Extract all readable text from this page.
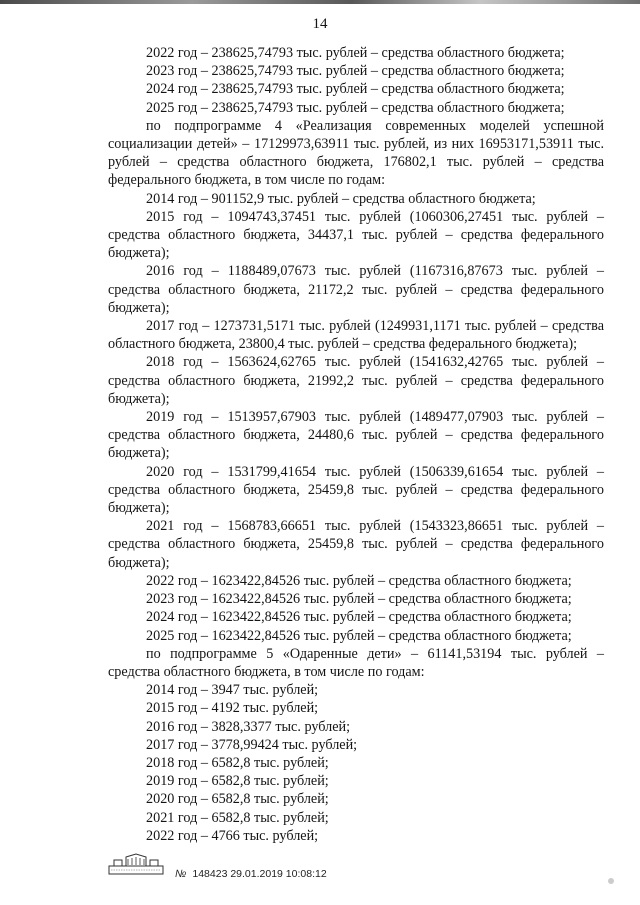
14

2022 год – 238625,74793 тыс. рублей – средства областного бюджета;

2023 год – 238625,74793 тыс. рублей – средства областного бюджета;

2024 год – 238625,74793 тыс. рублей – средства областного бюджета;

2025 год – 238625,74793 тыс. рублей – средства областного бюджета;

по подпрограмме 4 «Реализация современных моделей успешной социализации детей» – 17129973,63911 тыс. рублей, из них 16953171,53911 тыс. рублей – средства областного бюджета, 176802,1 тыс. рублей – средства федерального бюджета, в том числе по годам:

2014 год – 901152,9 тыс. рублей – средства областного бюджета;

2015 год – 1094743,37451 тыс. рублей (1060306,27451 тыс. рублей – средства областного бюджета, 34437,1 тыс. рублей – средства федерального бюджета);

2016 год – 1188489,07673 тыс. рублей (1167316,87673 тыс. рублей – средства областного бюджета, 21172,2 тыс. рублей – средства федерального бюджета);

2017 год – 1273731,5171 тыс. рублей (1249931,1171 тыс. рублей – средства областного бюджета, 23800,4 тыс. рублей – средства федерального бюджета);

2018 год – 1563624,62765 тыс. рублей (1541632,42765 тыс. рублей – средства областного бюджета, 21992,2 тыс. рублей – средства федерального бюджета);

2019 год – 1513957,67903 тыс. рублей (1489477,07903 тыс. рублей – средства областного бюджета, 24480,6 тыс. рублей – средства федерального бюджета);

2020 год – 1531799,41654 тыс. рублей (1506339,61654 тыс. рублей – средства областного бюджета, 25459,8 тыс. рублей – средства федерального бюджета);

2021 год – 1568783,66651 тыс. рублей (1543323,86651 тыс. рублей – средства областного бюджета, 25459,8 тыс. рублей – средства федерального бюджета);

2022 год – 1623422,84526 тыс. рублей – средства областного бюджета;

2023 год – 1623422,84526 тыс. рублей – средства областного бюджета;

2024 год – 1623422,84526 тыс. рублей – средства областного бюджета;

2025 год – 1623422,84526 тыс. рублей – средства областного бюджета;

по подпрограмме 5 «Одаренные дети» – 61141,53194 тыс. рублей – средства областного бюджета, в том числе по годам:

2014 год – 3947 тыс. рублей;

2015 год – 4192 тыс. рублей;

2016 год – 3828,3377 тыс. рублей;

2017 год – 3778,99424 тыс. рублей;

2018 год – 6582,8 тыс. рублей;

2019 год – 6582,8 тыс. рублей;

2020 год – 6582,8 тыс. рублей;

2021 год – 6582,8 тыс. рублей;

2022 год – 4766 тыс. рублей;

№ 148423 29.01.2019 10:08:12
